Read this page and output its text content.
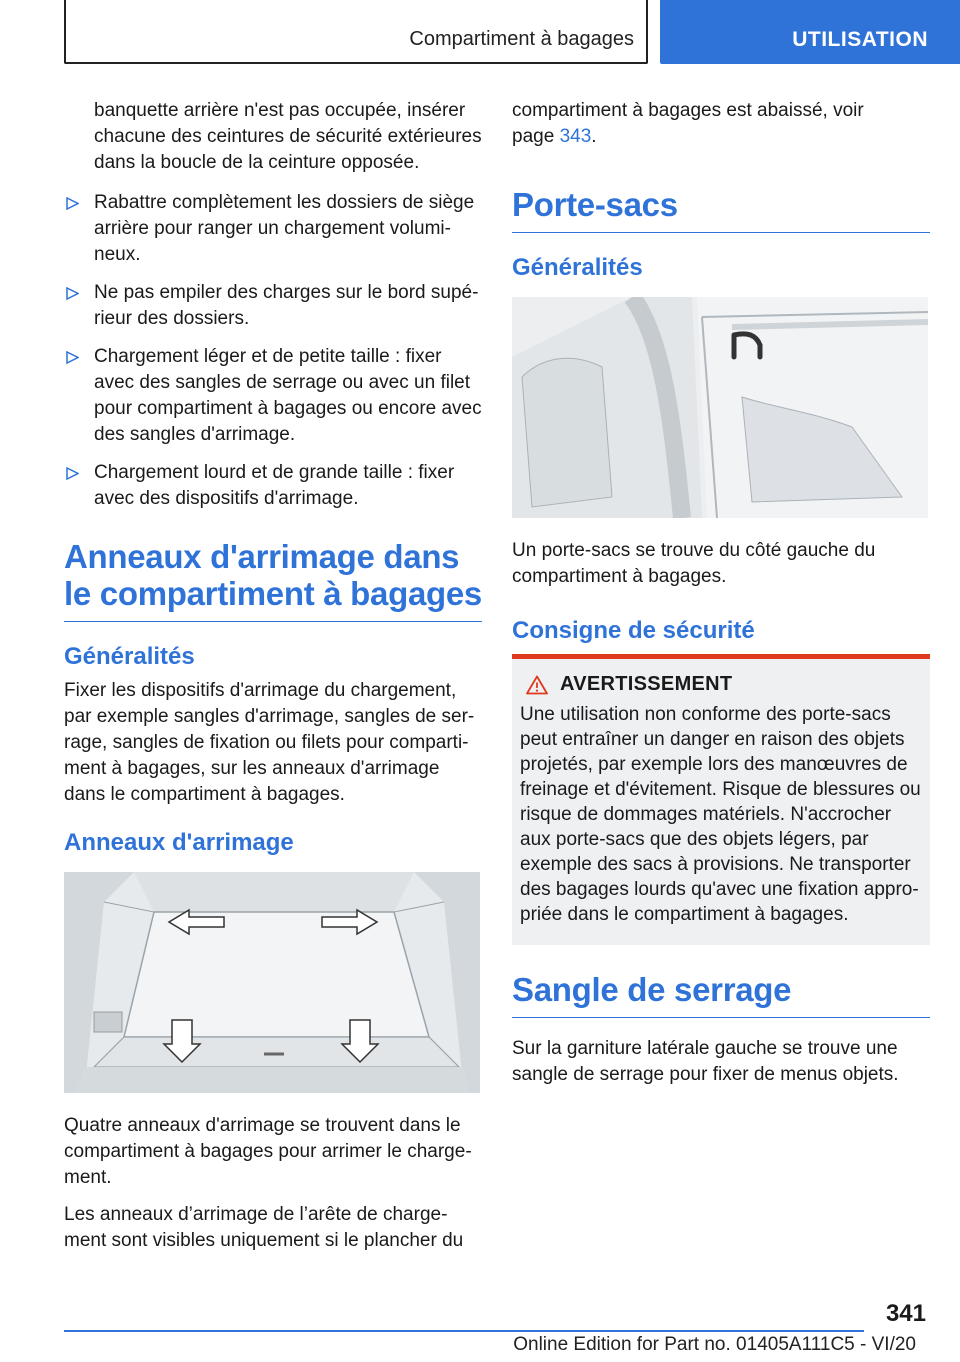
Compartiment à bagages	UTILISATION

banquette arrière n'est pas occupée, insérer chacune des ceintures de sécurité extérieures dans la boucle de la ceinture opposée.

Rabattre complètement les dossiers de siège arrière pour ranger un chargement volumineux.
Ne pas empiler des charges sur le bord supérieur des dossiers.
Chargement léger et de petite taille : fixer avec des sangles de serrage ou avec un filet pour compartiment à bagages ou encore avec des sangles d'arrimage.
Chargement lourd et de grande taille : fixer avec des dispositifs d'arrimage.
Anneaux d'arrimage dans le compartiment à bagages
Généralités

Fixer les dispositifs d'arrimage du chargement, par exemple sangles d'arrimage, sangles de serrage, sangles de fixation ou filets pour compartiment à bagages, sur les anneaux d'arrimage dans le compartiment à bagages.

Anneaux d'arrimage

Quatre anneaux d'arrimage se trouvent dans le compartiment à bagages pour arrimer le chargement.

Les anneaux d’arrimage de l’arête de chargement sont visibles uniquement si le plancher du

compartiment à bagages est abaissé, voir
page 343.

Porte-sacs
Généralités

Un porte-sacs se trouve du côté gauche du compartiment à bagages.

Consigne de sécurité
AVERTISSEMENT

Une utilisation non conforme des porte-sacs peut entraîner un danger en raison des objets projetés, par exemple lors des manœuvres de freinage et d'évitement. Risque de blessures ou risque de dommages matériels. N'accrocher aux porte-sacs que des objets légers, par exemple des sacs à provisions. Ne transporter des bagages lourds qu'avec une fixation appropriée dans le compartiment à bagages.

Sangle de serrage

Sur la garniture latérale gauche se trouve une sangle de serrage pour fixer de menus objets.

341
Online Edition for Part no. 01405A111C5 - VI/20
